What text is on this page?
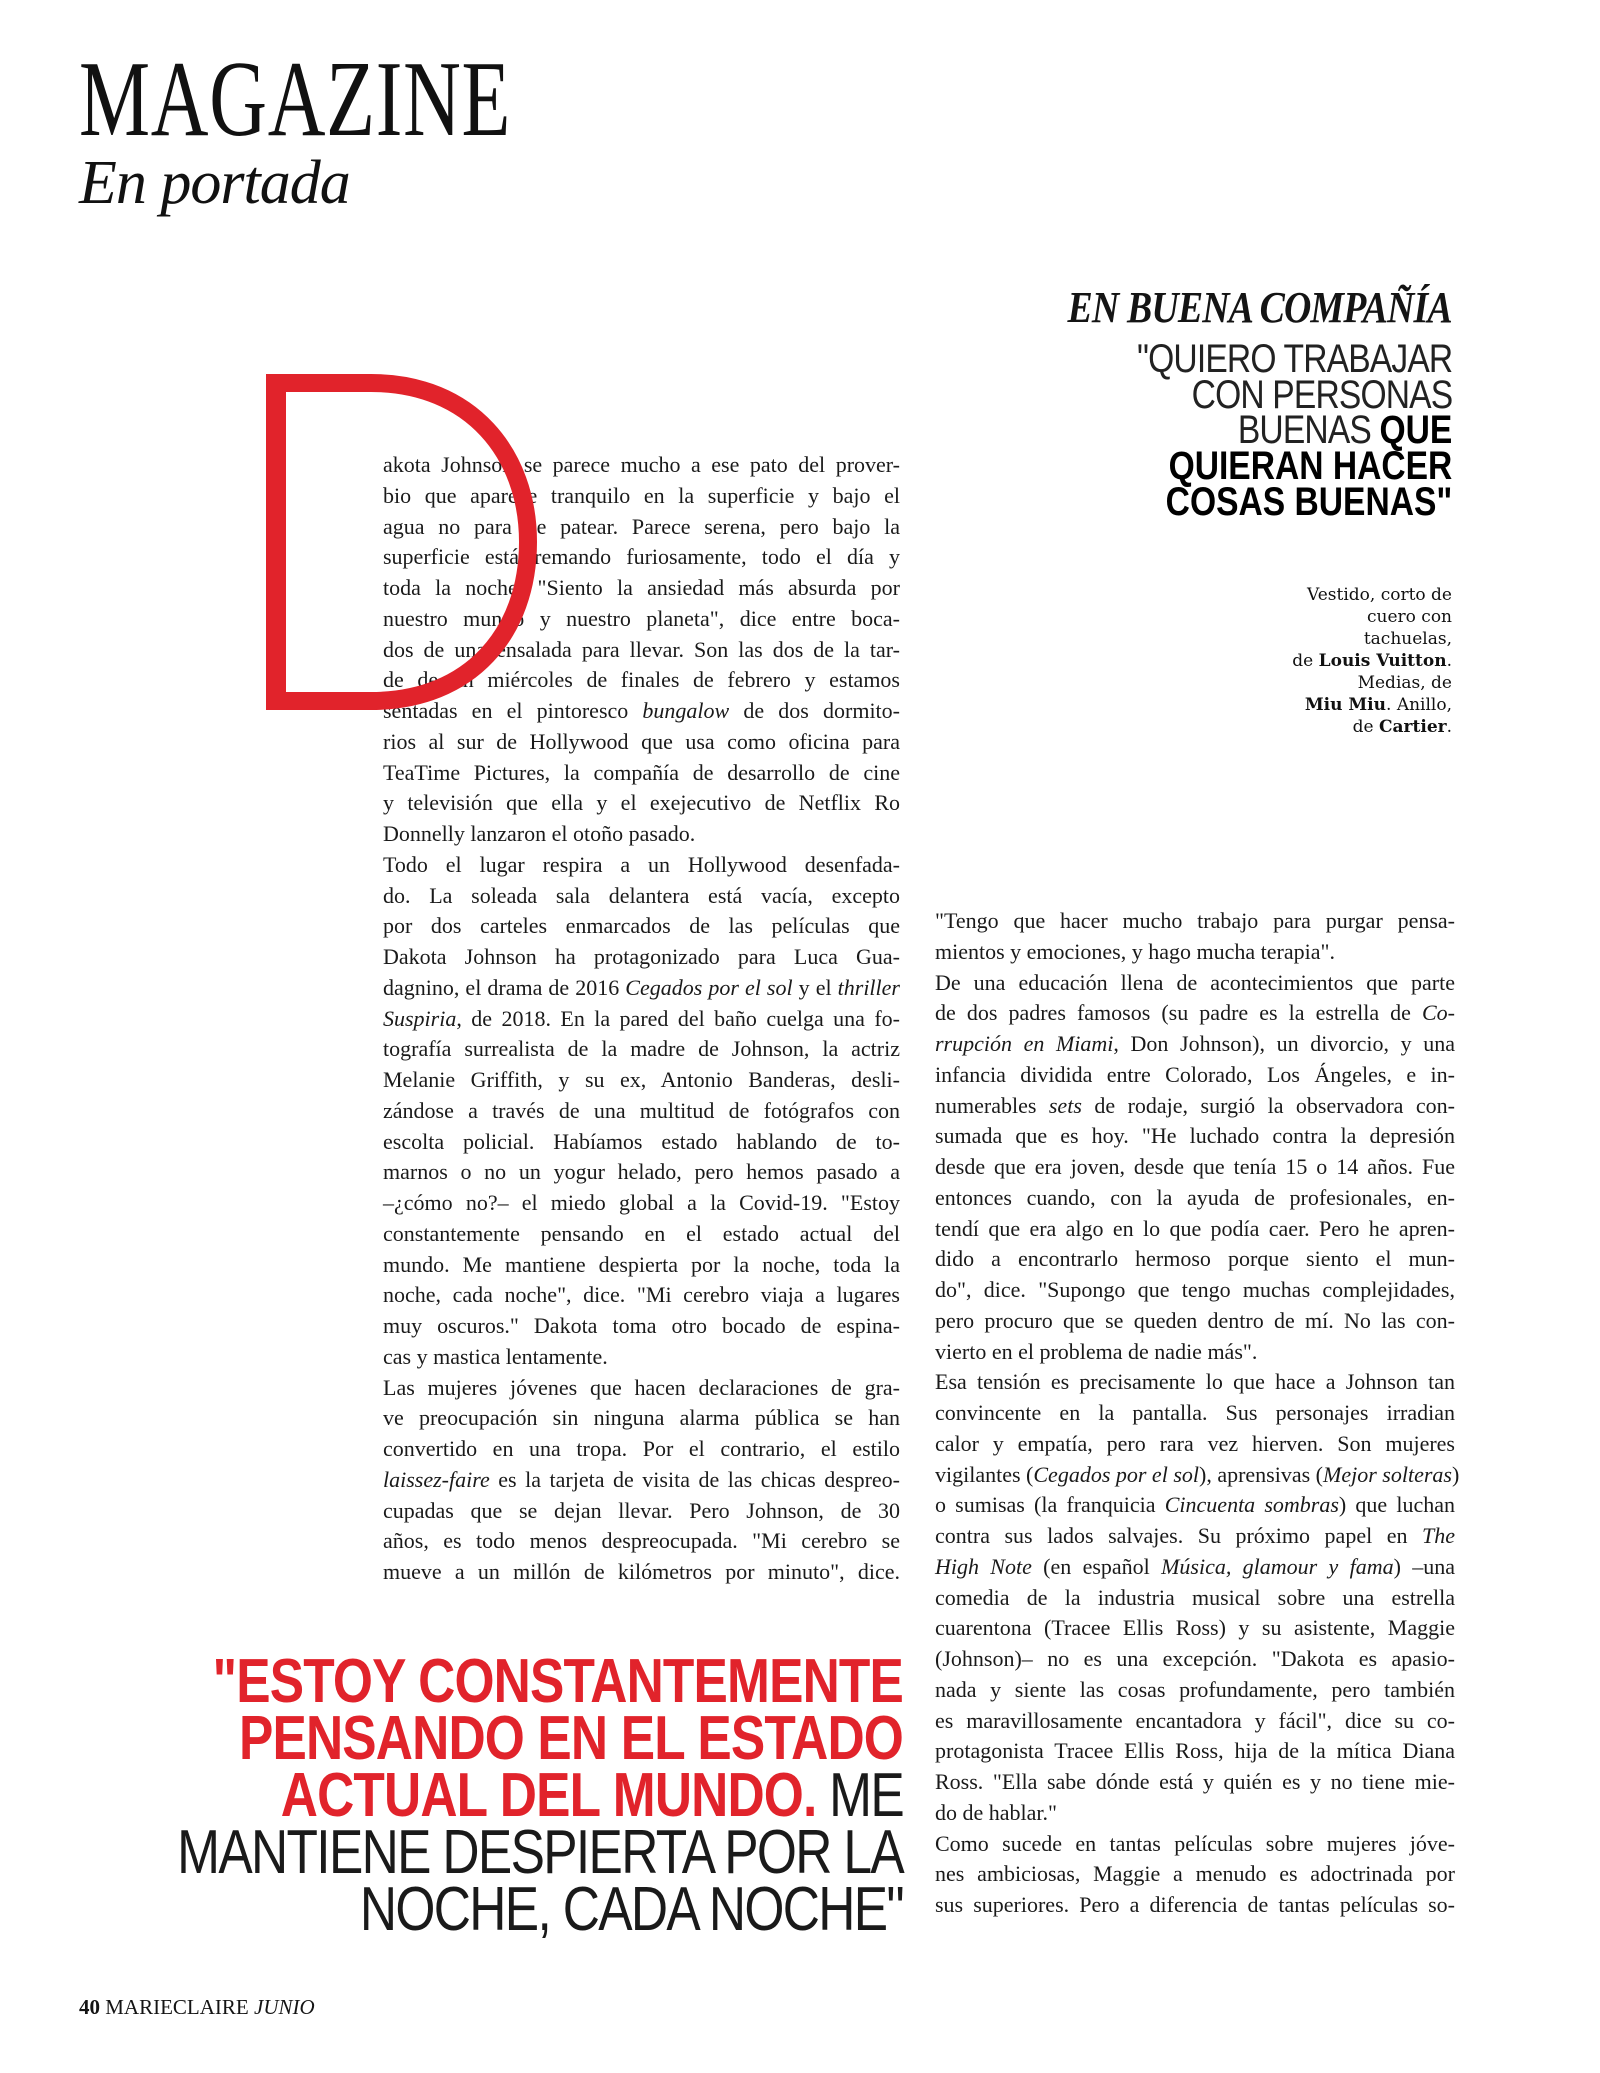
MAGAZINE
En portada
EN BUENA COMPAÑÍA
"QUIERO TRABAJAR
CON PERSONAS
BUENAS QUE
QUIERAN HACER
COSAS BUENAS"
Vestido, corto de
cuero con
tachuelas,
de Louis Vuitton.
Medias, de
Miu Miu. Anillo,
de Cartier.
akota Johnson se parece mucho a ese pato del prover-
bio que aparece tranquilo en la superficie y bajo el
agua no para de patear. Parece serena, pero bajo la
superficie está remando furiosamente, todo el día y
toda la noche. "Siento la ansiedad más absurda por
nuestro mundo y nuestro planeta", dice entre boca-
dos de una ensalada para llevar. Son las dos de la tar-
de de un miércoles de finales de febrero y estamos
sentadas en el pintoresco bungalow de dos dormito-
rios al sur de Hollywood que usa como oficina para
TeaTime Pictures, la compañía de desarrollo de cine
y televisión que ella y el exejecutivo de Netflix Ro
Donnelly lanzaron el otoño pasado.
Todo el lugar respira a un Hollywood desenfada-
do. La soleada sala delantera está vacía, excepto
por dos carteles enmarcados de las películas que
Dakota Johnson ha protagonizado para Luca Gua-
dagnino, el drama de 2016 Cegados por el sol y el thriller
Suspiria, de 2018. En la pared del baño cuelga una fo-
tografía surrealista de la madre de Johnson, la actriz
Melanie Griffith, y su ex, Antonio Banderas, desli-
zándose a través de una multitud de fotógrafos con
escolta policial. Habíamos estado hablando de to-
marnos o no un yogur helado, pero hemos pasado a
–¿cómo no?– el miedo global a la Covid-19. "Estoy
constantemente pensando en el estado actual del
mundo. Me mantiene despierta por la noche, toda la
noche, cada noche", dice. "Mi cerebro viaja a lugares
muy oscuros." Dakota toma otro bocado de espina-
cas y mastica lentamente.
Las mujeres jóvenes que hacen declaraciones de gra-
ve preocupación sin ninguna alarma pública se han
convertido en una tropa. Por el contrario, el estilo
laissez-faire es la tarjeta de visita de las chicas despreo-
cupadas que se dejan llevar. Pero Johnson, de 30
años, es todo menos despreocupada. "Mi cerebro se
mueve a un millón de kilómetros por minuto", dice.
"Tengo que hacer mucho trabajo para purgar pensa-
mientos y emociones, y hago mucha terapia".
De una educación llena de acontecimientos que parte
de dos padres famosos (su padre es la estrella de Co-
rrupción en Miami, Don Johnson), un divorcio, y una
infancia dividida entre Colorado, Los Ángeles, e in-
numerables sets de rodaje, surgió la observadora con-
sumada que es hoy. "He luchado contra la depresión
desde que era joven, desde que tenía 15 o 14 años. Fue
entonces cuando, con la ayuda de profesionales, en-
tendí que era algo en lo que podía caer. Pero he apren-
dido a encontrarlo hermoso porque siento el mun-
do", dice. "Supongo que tengo muchas complejidades,
pero procuro que se queden dentro de mí. No las con-
vierto en el problema de nadie más".
Esa tensión es precisamente lo que hace a Johnson tan
convincente en la pantalla. Sus personajes irradian
calor y empatía, pero rara vez hierven. Son mujeres
vigilantes (Cegados por el sol), aprensivas (Mejor solteras)
o sumisas (la franquicia Cincuenta sombras) que luchan
contra sus lados salvajes. Su próximo papel en The
High Note (en español Música, glamour y fama) –una
comedia de la industria musical sobre una estrella
cuarentona (Tracee Ellis Ross) y su asistente, Maggie
(Johnson)– no es una excepción. "Dakota es apasio-
nada y siente las cosas profundamente, pero también
es maravillosamente encantadora y fácil", dice su co-
protagonista Tracee Ellis Ross, hija de la mítica Diana
Ross. "Ella sabe dónde está y quién es y no tiene mie-
do de hablar."
Como sucede en tantas películas sobre mujeres jóve-
nes ambiciosas, Maggie a menudo es adoctrinada por
sus superiores. Pero a diferencia de tantas películas so-
"ESTOY CONSTANTEMENTE
PENSANDO EN EL ESTADO
ACTUAL DEL MUNDO. ME
MANTIENE DESPIERTA POR LA
NOCHE, CADA NOCHE"
40 MARIECLAIRE JUNIO
